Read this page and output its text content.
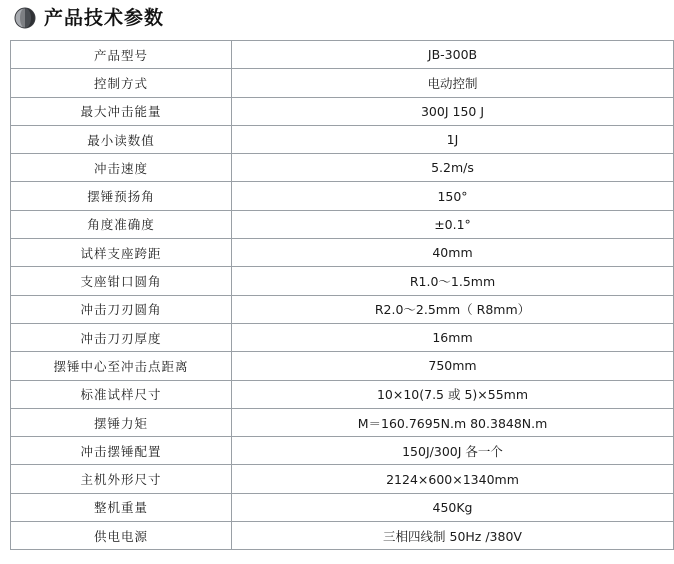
产品技术参数
产品型号	JB-300B
控制方式	电动控制
最大冲击能量	300J 150 J
最小读数值	1J
冲击速度	5.2m/s
摆锤预扬角	150°
角度准确度	±0.1°
试样支座跨距	40mm
支座钳口圆角	R1.0～1.5mm
冲击刀刃圆角	R2.0～2.5mm（ R8mm）
冲击刀刃厚度	16mm
摆锤中心至冲击点距离	750mm
标准试样尺寸	10×10(7.5 或 5)×55mm
摆锤力矩	M＝160.7695N.m 80.3848N.m
冲击摆锤配置	150J/300J 各一个
主机外形尺寸	2124×600×1340mm
整机重量	450Kg
供电电源	三相四线制 50Hz /380V
